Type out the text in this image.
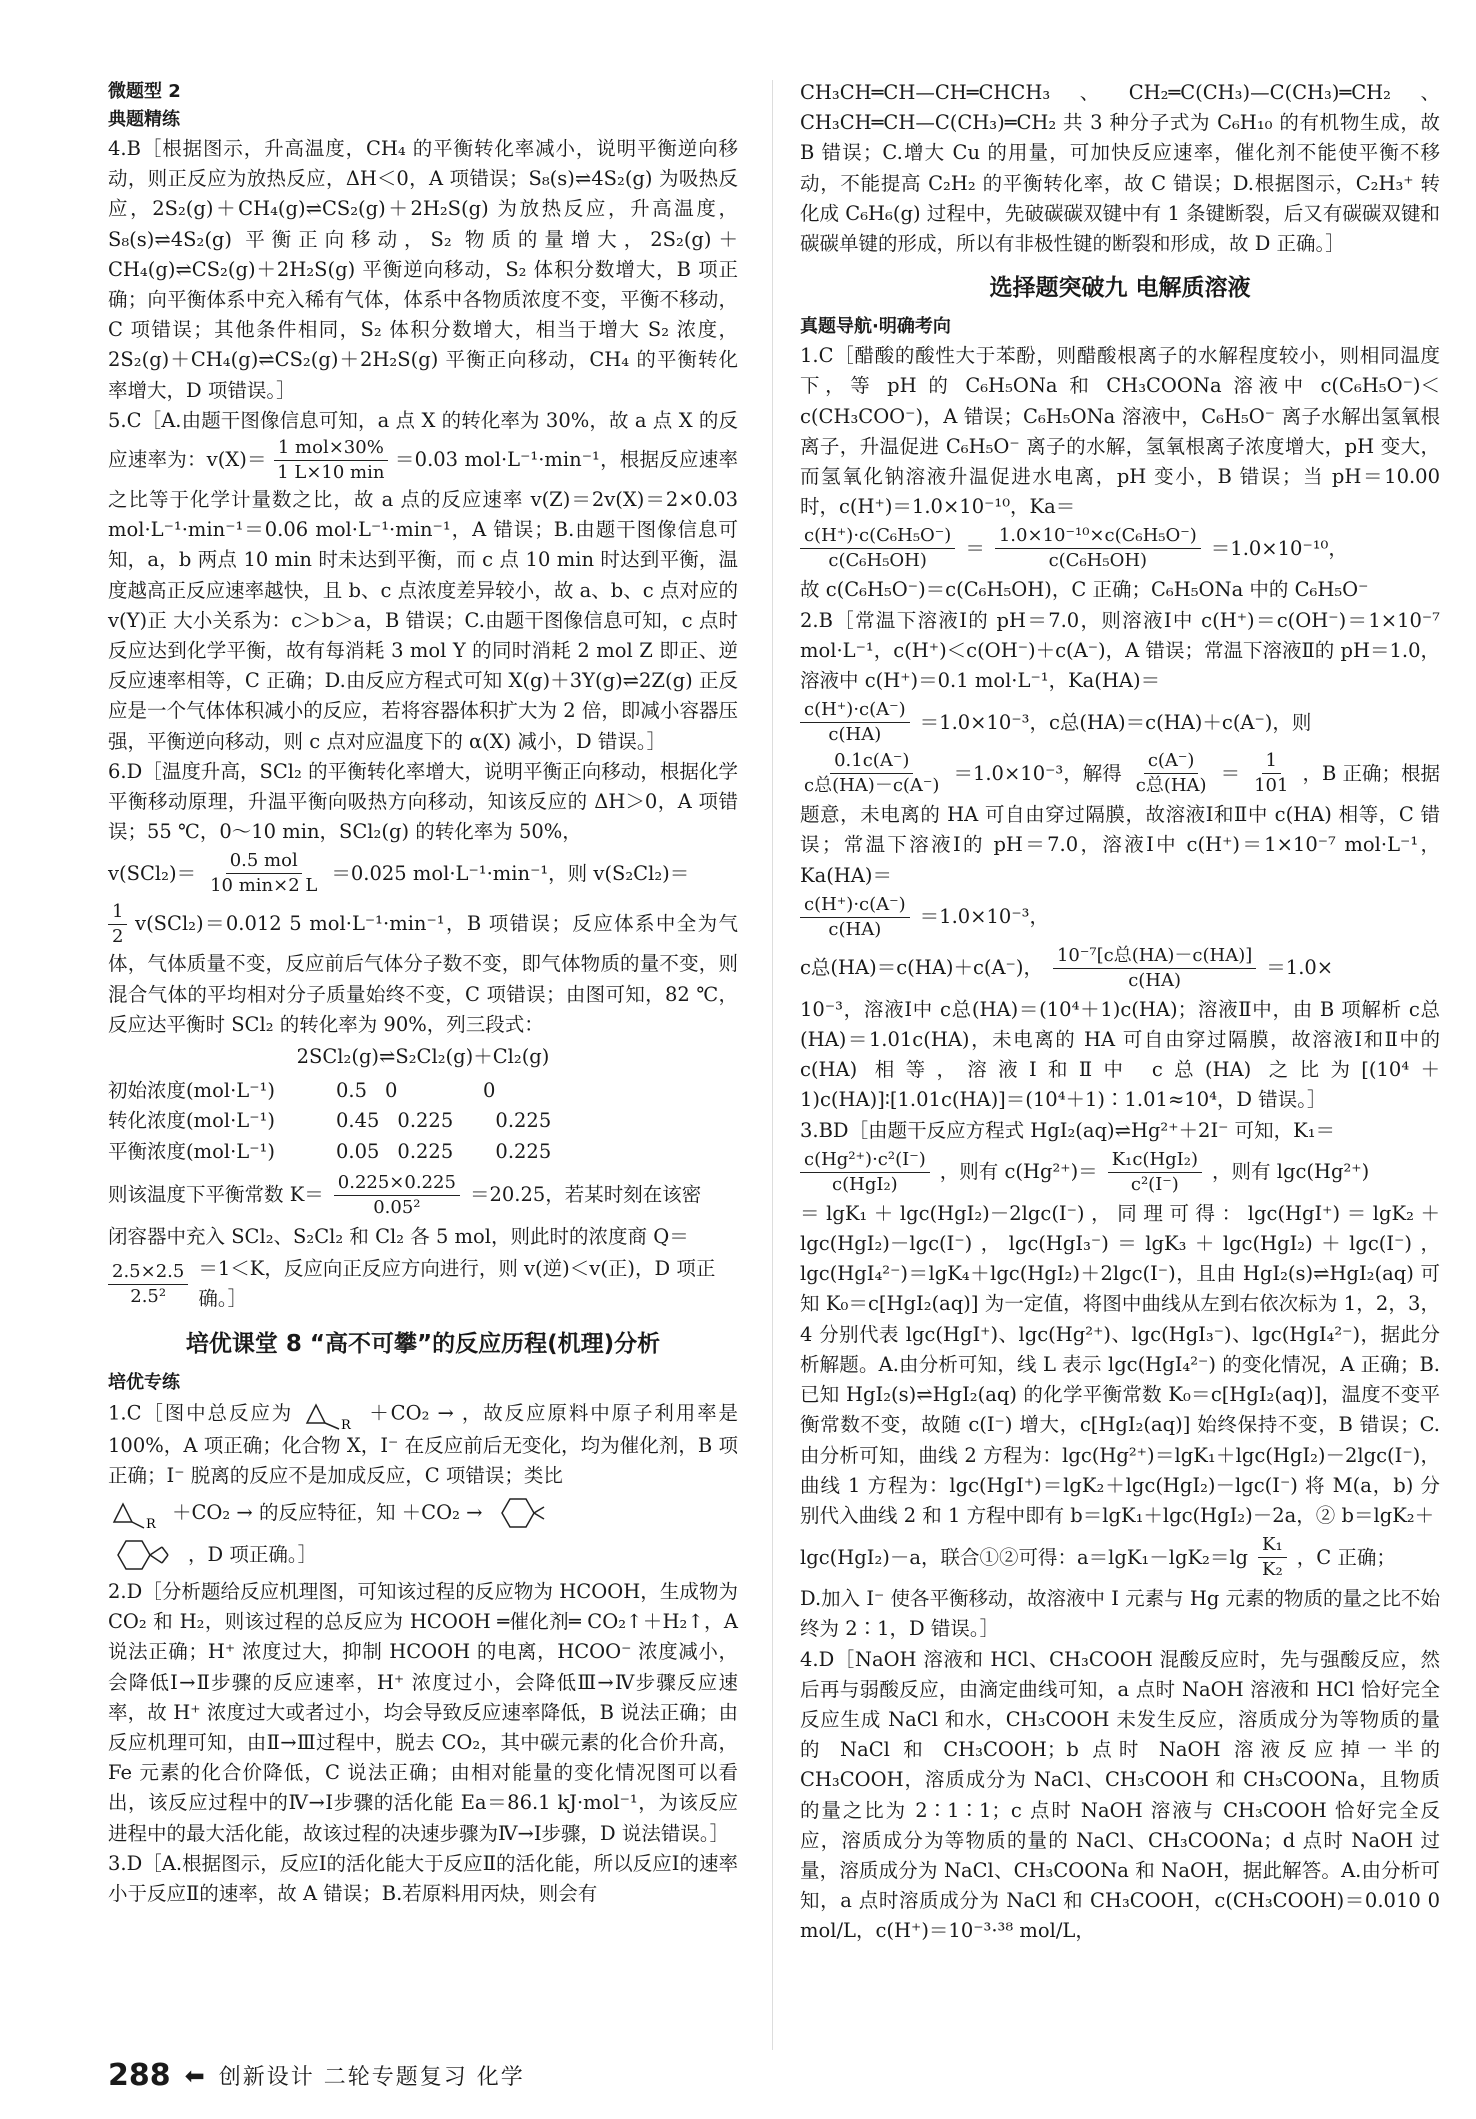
微题型 2

典题精练

4.B［根据图示，升高温度，CH₄ 的平衡转化率减小，说明平衡逆向移动，则正反应为放热反应，ΔH＜0，A 项错误；S₈(s)⇌4S₂(g) 为吸热反应，2S₂(g)＋CH₄(g)⇌CS₂(g)＋2H₂S(g) 为放热反应，升高温度，S₈(s)⇌4S₂(g) 平衡正向移动，S₂ 物质的量增大，2S₂(g)＋CH₄(g)⇌CS₂(g)＋2H₂S(g) 平衡逆向移动，S₂ 体积分数增大，B 项正确；向平衡体系中充入稀有气体，体系中各物质浓度不变，平衡不移动，C 项错误；其他条件相同，S₂ 体积分数增大，相当于增大 S₂ 浓度，2S₂(g)＋CH₄(g)⇌CS₂(g)＋2H₂S(g) 平衡正向移动，CH₄ 的平衡转化率增大，D 项错误。］

5.C［A.由题干图像信息可知，a 点 X 的转化率为 30%，故 a 点 X 的反应速率为：$v(X)= \frac{\text{1 mol×30\%}}{1 L\times 10 \min} =0.03$ mol·L⁻¹·min⁻¹，根据反应速率之比等于化学计量数之比，故 a 点的反应速率 v(Z)＝2v(X)＝2×0.03 mol·L⁻¹·min⁻¹＝0.06 mol·L⁻¹·min⁻¹，A 错误；B.由题干图像信息可知，a，b 两点 10 min 时未达到平衡，而 c 点 10 min 时达到平衡，温度越高正反应速率越快，且 b、c 点浓度差异较小，故 a、b、c 点对应的 v(Y)正 大小关系为：c＞b＞a，B 错误；C.由题干图像信息可知，c 点时反应达到化学平衡，故有每消耗 3 mol Y 的同时消耗 2 mol Z 即正、逆反应速率相等，C 正确；D.由反应方程式可知 X(g)＋3Y(g)⇌2Z(g) 正反应是一个气体体积减小的反应，若将容器体积扩大为 2 倍，即减小容器压强，平衡逆向移动，则 c 点对应温度下的 α(X) 减小，D 错误。］

6.D［温度升高，SCl₂ 的平衡转化率增大，说明平衡正向移动，根据化学平衡移动原理，升温平衡向吸热方向移动，知该反应的 ΔH＞0，A 项错误；55 ℃，0～10 min，SCl₂(g) 的转化率为 50%，

$v(SCl_2)= \frac{\text{0.5 mol}}{10 \min\times 2 L} =0.025$ mol·L⁻¹·min⁻¹，则 v(S₂Cl₂)＝

$\frac{1}{2} v(SCl_2)=0.012$ 5 mol·L⁻¹·min⁻¹，B 项错误；反应体系中全为气体，气体质量不变，反应前后气体分子数不变，即气体物质的量不变，则混合气体的平均相对分子质量始终不变，C 项错误；由图可知，82 ℃，反应达平衡时 SCl₂ 的转化率为 90%，列三段式：

2SCl₂(g)⇌S₂Cl₂(g)＋Cl₂(g)
初始浓度(mol·L⁻¹)	0.5 0	0
转化浓度(mol·L⁻¹)	0.45 0.225	0.225
平衡浓度(mol·L⁻¹)	0.05 0.225	0.225
则该温度下平衡常数 $K= \frac{0.225\times 0.225}{\text{0.05²}} =20.25$，若某时刻在该密

闭容器中充入 SCl₂、S₂Cl₂ 和 Cl₂ 各 5 mol，则此时的浓度商 Q＝

$\frac{2.5\times 2.5}{\text{2.5²}} =1<K$，反应向正反应方向进行，则 v(逆)＜v(正)，D 项正确。］
培优课堂 8 “高不可攀”的反应历程(机理)分析

培优专练

1.C［图中总反应为
R
＋CO₂ → ，故反应原料中原子利用率是 100%，A 项正确；化合物 X，I⁻ 在反应前后无变化，均为催化剂，B 项正确；I⁻ 脱离的反应不是加成反应，C 项错误；类比

R
＋CO₂ → 的反应特征，知 ＋CO₂ →
，D 项正确。］

2.D［分析题给反应机理图，可知该过程的反应物为 HCOOH，生成物为 CO₂ 和 H₂，则该过程的总反应为 HCOOH ═催化剂═ CO₂↑＋H₂↑，A 说法正确；H⁺ 浓度过大，抑制 HCOOH 的电离，HCOO⁻ 浓度减小，会降低Ⅰ→Ⅱ步骤的反应速率，H⁺ 浓度过小，会降低Ⅲ→Ⅳ步骤反应速率，故 H⁺ 浓度过大或者过小，均会导致反应速率降低，B 说法正确；由反应机理可知，由Ⅱ→Ⅲ过程中，脱去 CO₂，其中碳元素的化合价升高，Fe 元素的化合价降低，C 说法正确；由相对能量的变化情况图可以看出，该反应过程中的Ⅳ→Ⅰ步骤的活化能 Ea＝86.1 kJ·mol⁻¹，为该反应进程中的最大活化能，故该过程的决速步骤为Ⅳ→Ⅰ步骤，D 说法错误。］

3.D［A.根据图示，反应Ⅰ的活化能大于反应Ⅱ的活化能，所以反应Ⅰ的速率小于反应Ⅱ的速率，故 A 错误；B.若原料用丙炔，则会有

CH₃CH═CH—CH═CHCH₃、CH₂═C(CH₃)—C(CH₃)═CH₂、CH₃CH═CH—C(CH₃)═CH₂ 共 3 种分子式为 C₆H₁₀ 的有机物生成，故 B 错误；C.增大 Cu 的用量，可加快反应速率，催化剂不能使平衡不移动，不能提高 C₂H₂ 的平衡转化率，故 C 错误；D.根据图示，C₂H₃⁺ 转化成 C₆H₆(g) 过程中，先破碳碳双键中有 1 条键断裂，后又有碳碳双键和碳碳单键的形成，所以有非极性键的断裂和形成，故 D 正确。］

选择题突破九 电解质溶液

真题导航·明确考向

1.C［醋酸的酸性大于苯酚，则醋酸根离子的水解程度较小，则相同温度下，等 pH 的 C₆H₅ONa 和 CH₃COONa 溶液中 c(C₆H₅O⁻)＜c(CH₃COO⁻)，A 错误；C₆H₅ONa 溶液中，C₆H₅O⁻ 离子水解出氢氧根离子，升温促进 C₆H₅O⁻ 离子的水解，氢氧根离子浓度增大，pH 变大，而氢氧化钠溶液升温促进水电离，pH 变小，B 错误；当 pH＝10.00 时，c(H⁺)＝1.0×10⁻¹⁰，Ka＝

$\frac{\text{c(H⁺)·c(C₆H₅O⁻)}}{\text{c(C₆H₅OH)}} = \frac{\text{1.0×10⁻¹⁰×c(C₆H₅O⁻)}}{\text{c(C₆H₅OH)}} =1.0\times 10^{-10}$，

故 c(C₆H₅O⁻)＝c(C₆H₅OH)，C 正确；C₆H₅ONa 中的 C₆H₅O⁻

2.B［常温下溶液Ⅰ的 pH＝7.0，则溶液Ⅰ中 c(H⁺)＝c(OH⁻)＝1×10⁻⁷ mol·L⁻¹，c(H⁺)＜c(OH⁻)＋c(A⁻)，A 错误；常温下溶液Ⅱ的 pH＝1.0，溶液中 c(H⁺)＝0.1 mol·L⁻¹，Ka(HA)＝

$\frac{c(H^+)\cdot c(A^-)}{c(HA)} =1.0\times 10^{-3}$，c总(HA)＝c(HA)＋c(A⁻)，则
$\frac{0.1c(A^-)}{\text{c总(HA)－c(A⁻)}} =1.0\times 10^{-3}$，解得 $\frac{c(A^-)}{\text{c总(HA)}} = \frac{1}{101}$ ，B 正确；根据

题意，未电离的 HA 可自由穿过隔膜，故溶液Ⅰ和Ⅱ中 c(HA) 相等，C 错误；常温下溶液Ⅰ的 pH＝7.0，溶液Ⅰ中 c(H⁺)＝1×10⁻⁷ mol·L⁻¹，Ka(HA)＝

$\frac{c(H^+)\cdot c(A^-)}{c(HA)} =1.0\times 10^{-3}$，
c总(HA)＝c(HA)＋c(A⁻)， $\frac{\text{10⁻⁷[c总(HA)－c(HA)]}}{c(HA)} =1.0\times$

10⁻³，溶液Ⅰ中 c总(HA)＝(10⁴＋1)c(HA)；溶液Ⅱ中，由 B 项解析 c总(HA)＝1.01c(HA)，未电离的 HA 可自由穿过隔膜，故溶液Ⅰ和Ⅱ中的 c(HA) 相等，溶液Ⅰ和Ⅱ中 c总(HA) 之比为[(10⁴＋1)c(HA)]∶[1.01c(HA)]＝(10⁴＋1)∶1.01≈10⁴，D 错误。］

3.BD［由题干反应方程式 HgI₂(aq)⇌Hg²⁺＋2I⁻ 可知，K₁＝

$\frac{\text{c(Hg²⁺)·c²(I⁻)}}{\text{c(HgI₂)}}$ ，则有 $c(Hg^{2+})= \frac{\text{K₁c(HgI₂)}}{\text{c²(I⁻)}}$ ，则有 lgc(Hg²⁺)

＝lgK₁＋lgc(HgI₂)－2lgc(I⁻)，同理可得：lgc(HgI⁺)＝lgK₂＋lgc(HgI₂)－lgc(I⁻)，lgc(HgI₃⁻)＝lgK₃＋lgc(HgI₂)＋lgc(I⁻)，lgc(HgI₄²⁻)＝lgK₄＋lgc(HgI₂)＋2lgc(I⁻)，且由 HgI₂(s)⇌HgI₂(aq) 可知 K₀＝c[HgI₂(aq)] 为一定值，将图中曲线从左到右依次标为 1，2，3，4 分别代表 lgc(HgI⁺)、lgc(Hg²⁺)、lgc(HgI₃⁻)、lgc(HgI₄²⁻)，据此分析解题。A.由分析可知，线 L 表示 lgc(HgI₄²⁻) 的变化情况，A 正确；B.已知 HgI₂(s)⇌HgI₂(aq) 的化学平衡常数 K₀＝c[HgI₂(aq)]，温度不变平衡常数不变，故随 c(I⁻) 增大，c[HgI₂(aq)] 始终保持不变，B 错误；C.由分析可知，曲线 2 方程为：lgc(Hg²⁺)＝lgK₁＋lgc(HgI₂)－2lgc(I⁻)，曲线 1 方程为：lgc(HgI⁺)＝lgK₂＋lgc(HgI₂)－lgc(I⁻) 将 M(a，b) 分别代入曲线 2 和 1 方程中即有 b＝lgK₁＋lgc(HgI₂)－2a，② b＝lgK₂＋

lgc(HgI₂)－a，联合①②可得：$a=\lg K_1-\lg K_2=\lg \frac{\text{K₁}}{\text{K₂}}$ ，C 正确；

D.加入 I⁻ 使各平衡移动，故溶液中 I 元素与 Hg 元素的物质的量之比不始终为 2∶1，D 错误。］

4.D［NaOH 溶液和 HCl、CH₃COOH 混酸反应时，先与强酸反应，然后再与弱酸反应，由滴定曲线可知，a 点时 NaOH 溶液和 HCl 恰好完全反应生成 NaCl 和水，CH₃COOH 未发生反应，溶质成分为等物质的量的 NaCl 和 CH₃COOH；b 点时 NaOH 溶液反应掉一半的 CH₃COOH，溶质成分为 NaCl、CH₃COOH 和 CH₃COONa，且物质的量之比为 2∶1∶1；c 点时 NaOH 溶液与 CH₃COOH 恰好完全反应，溶质成分为等物质的量的 NaCl、CH₃COONa；d 点时 NaOH 过量，溶质成分为 NaCl、CH₃COONa 和 NaOH，据此解答。A.由分析可知，a 点时溶质成分为 NaCl 和 CH₃COOH，c(CH₃COOH)＝0.010 0 mol/L，c(H⁺)＝10⁻³·³⁸ mol/L，

288 ⬅ 创新设计 二轮专题复习 化学
